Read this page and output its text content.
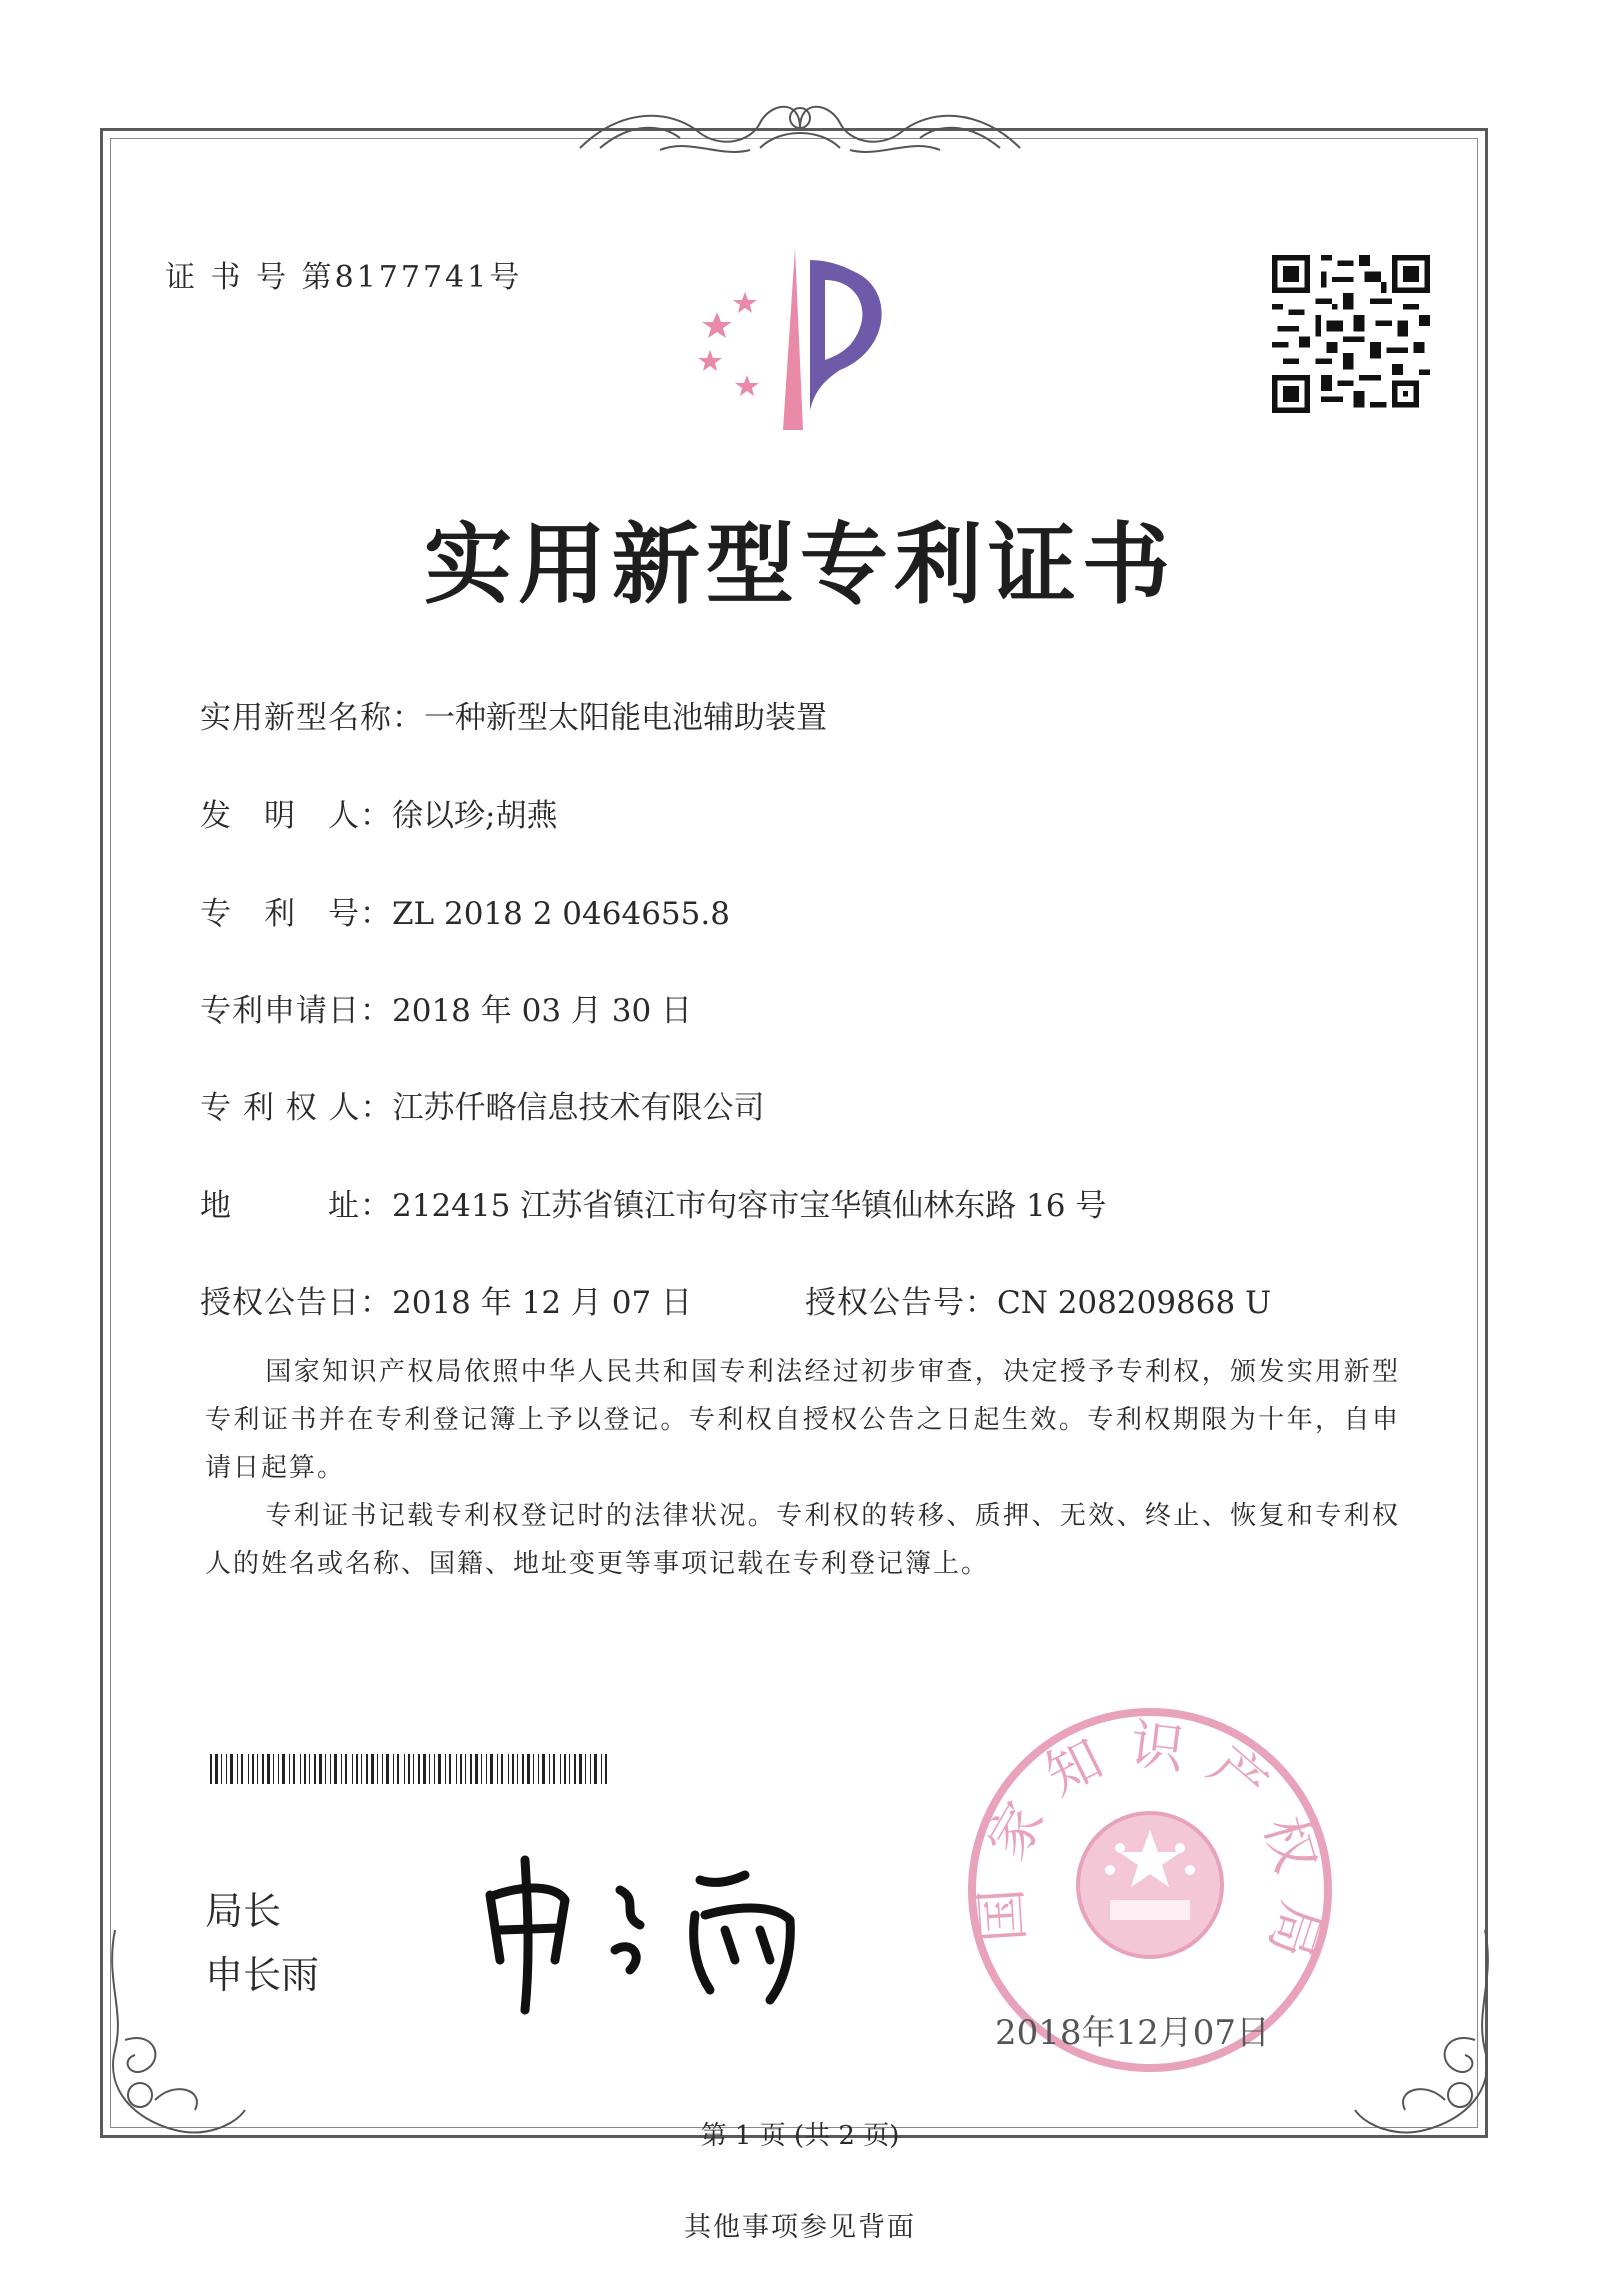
证 书 号 第8177741号
实用新型专利证书
实用新型名称：一种新型太阳能电池辅助装置
发　明　人：徐以珍;胡燕
专　利　号：ZL 2018 2 0464655.8
专利申请日：2018 年 03 月 30 日
专 利 权 人：江苏仟略信息技术有限公司
地　　　址：212415 江苏省镇江市句容市宝华镇仙林东路 16 号
授权公告日：2018 年 12 月 07 日	授权公告号：CN 208209868 U
国家知识产权局依照中华人民共和国专利法经过初步审查，决定授予专利权，颁发实用新型专利证书并在专利登记簿上予以登记。专利权自授权公告之日起生效。专利权期限为十年，自申请日起算。
专利证书记载专利权登记时的法律状况。专利权的转移、质押、无效、终止、恢复和专利权人的姓名或名称、国籍、地址变更等事项记载在专利登记簿上。
局长
申长雨
国家知识产权局
2018年12月07日
第 1 页 (共 2 页)
其他事项参见背面
